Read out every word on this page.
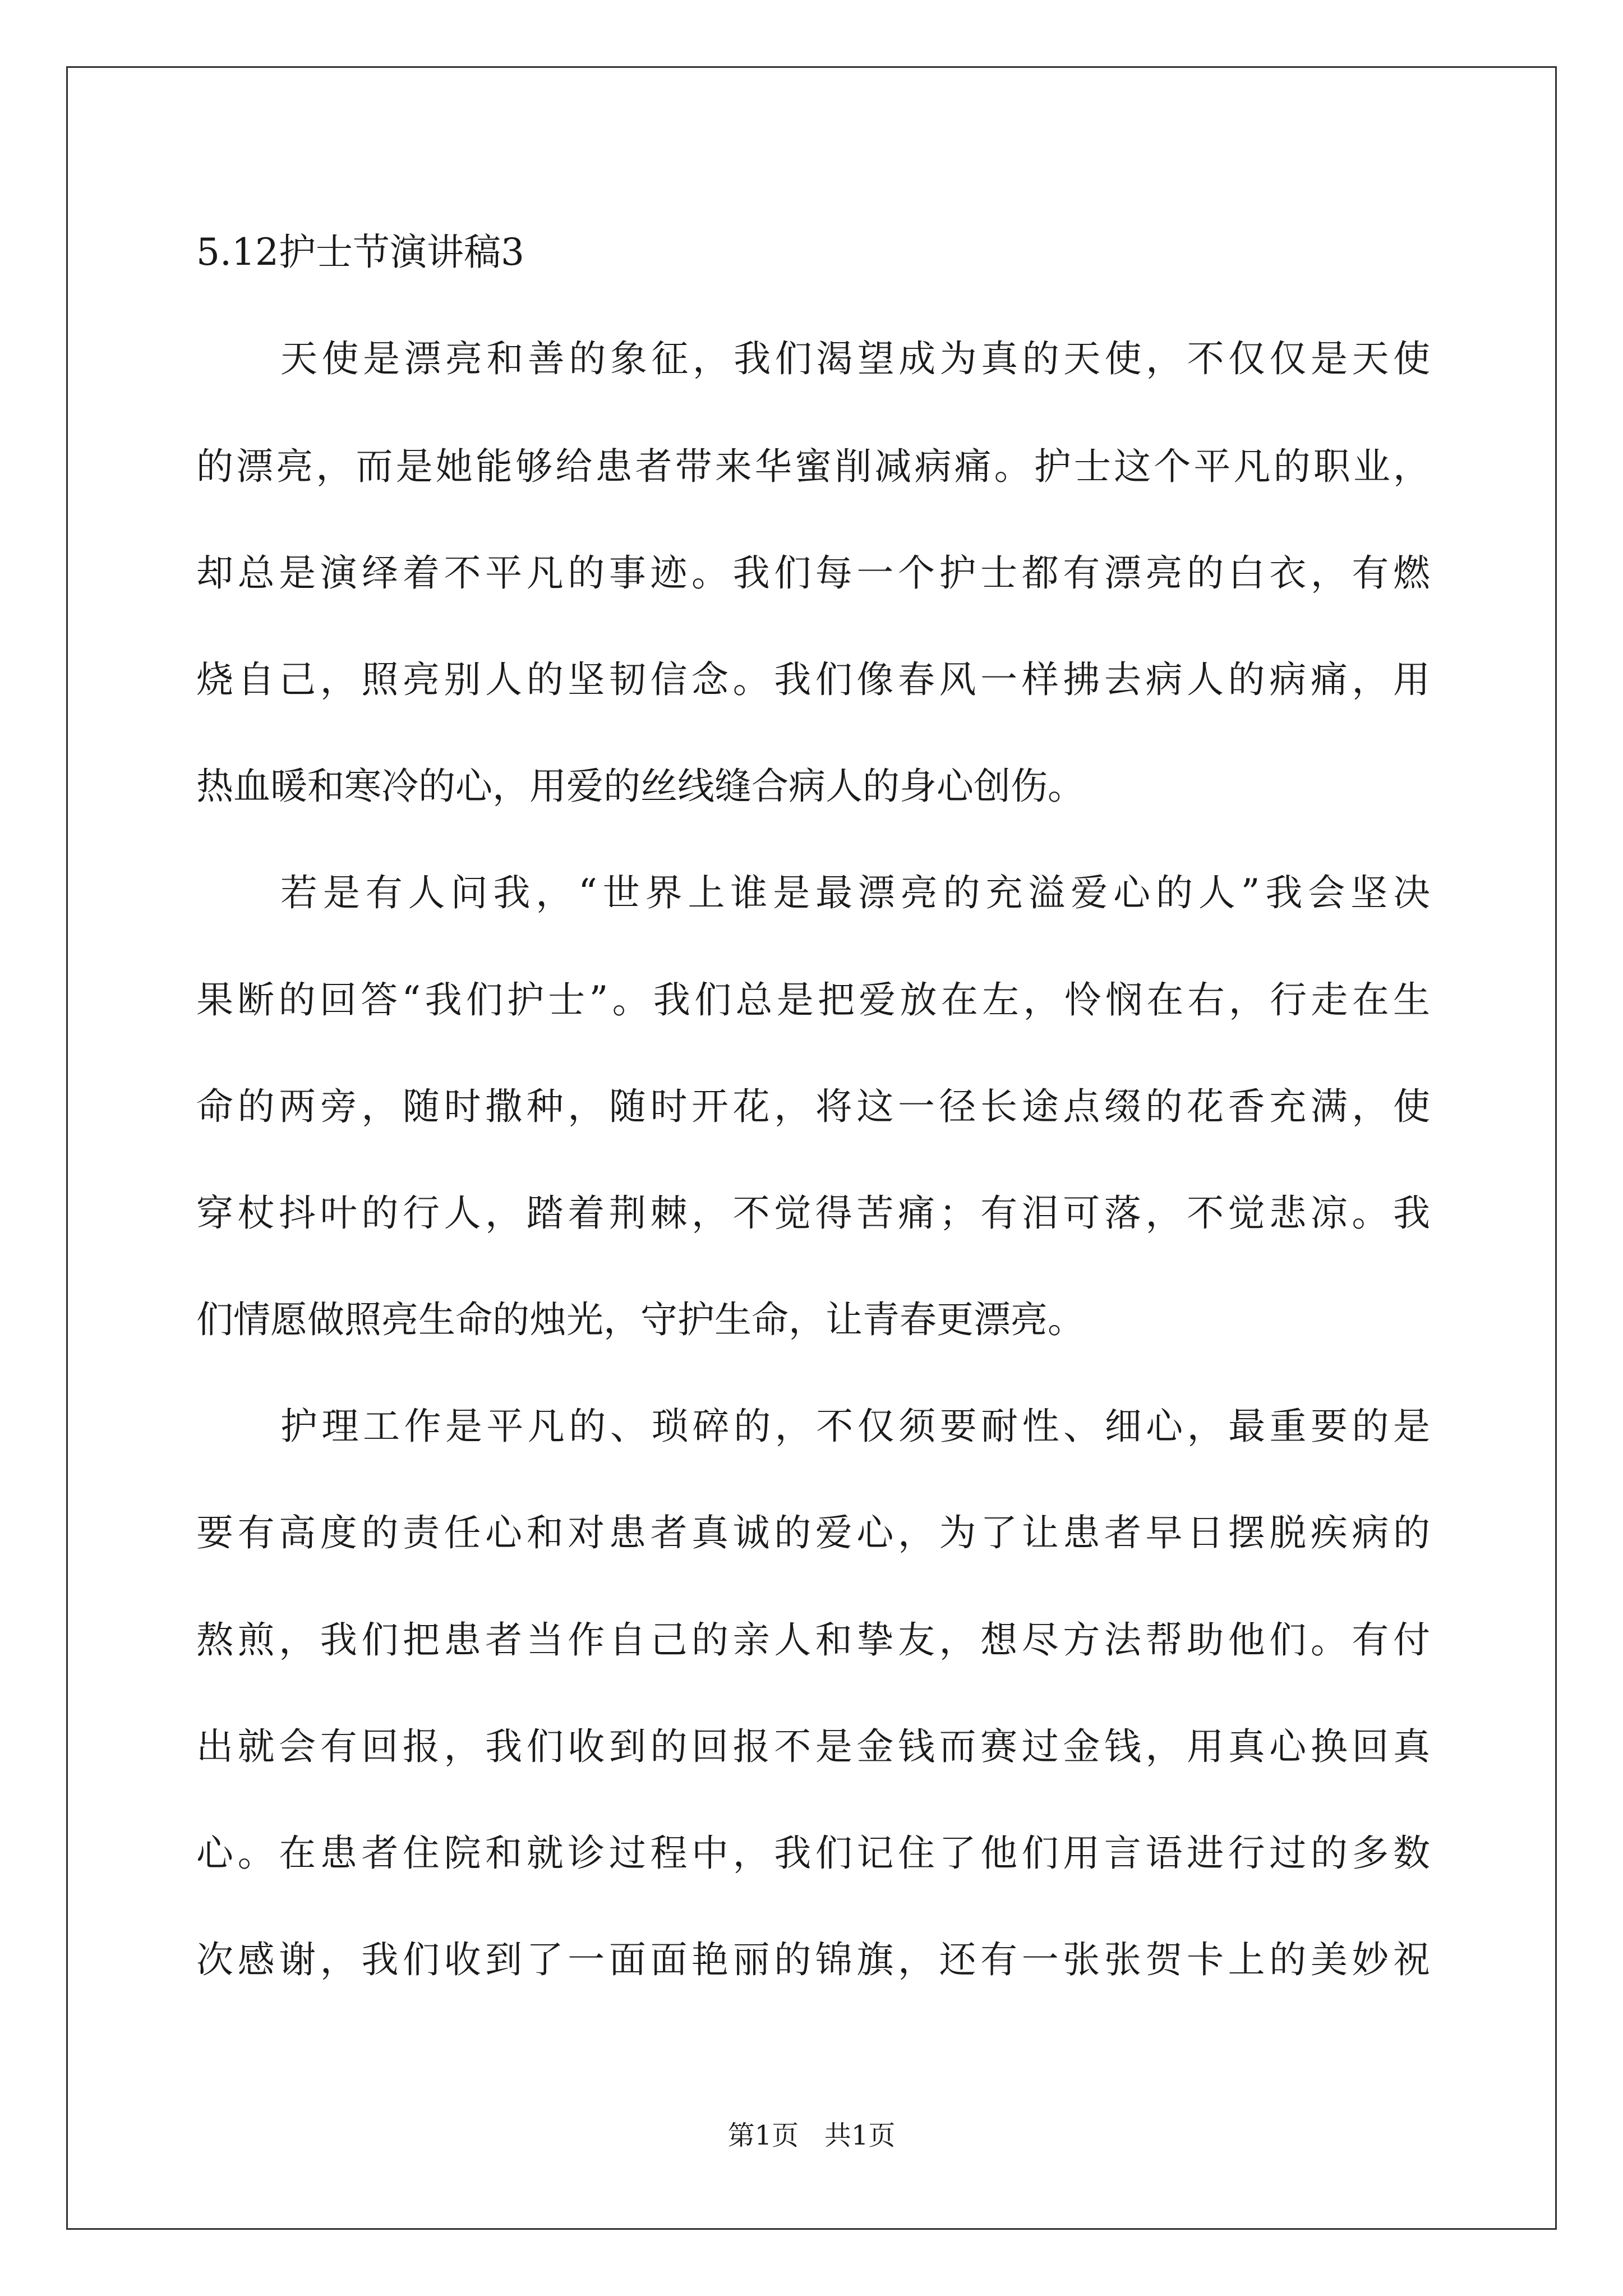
5.12护士节演讲稿3
天使是漂亮和善的象征，我们渴望成为真的天使，不仅仅是天使
的漂亮，而是她能够给患者带来华蜜削减病痛。护士这个平凡的职业，
却总是演绎着不平凡的事迹。我们每一个护士都有漂亮的白衣，有燃
烧自己，照亮别人的坚韧信念。我们像春风一样拂去病人的病痛，用
热血暖和寒冷的心，用爱的丝线缝合病人的身心创伤。
若是有人问我，“世界上谁是最漂亮的充溢爱心的人”我会坚决
果断的回答“我们护士”。我们总是把爱放在左，怜悯在右，行走在生
命的两旁，随时撒种，随时开花，将这一径长途点缀的花香充满，使
穿杖抖叶的行人，踏着荆棘，不觉得苦痛；有泪可落，不觉悲凉。我
们情愿做照亮生命的烛光，守护生命，让青春更漂亮。
护理工作是平凡的、琐碎的，不仅须要耐性、细心，最重要的是
要有高度的责任心和对患者真诚的爱心，为了让患者早日摆脱疾病的
熬煎，我们把患者当作自己的亲人和挚友，想尽方法帮助他们。有付
出就会有回报，我们收到的回报不是金钱而赛过金钱，用真心换回真
心。在患者住院和就诊过程中，我们记住了他们用言语进行过的多数
次感谢，我们收到了一面面艳丽的锦旗，还有一张张贺卡上的美妙祝
第1页   共1页
